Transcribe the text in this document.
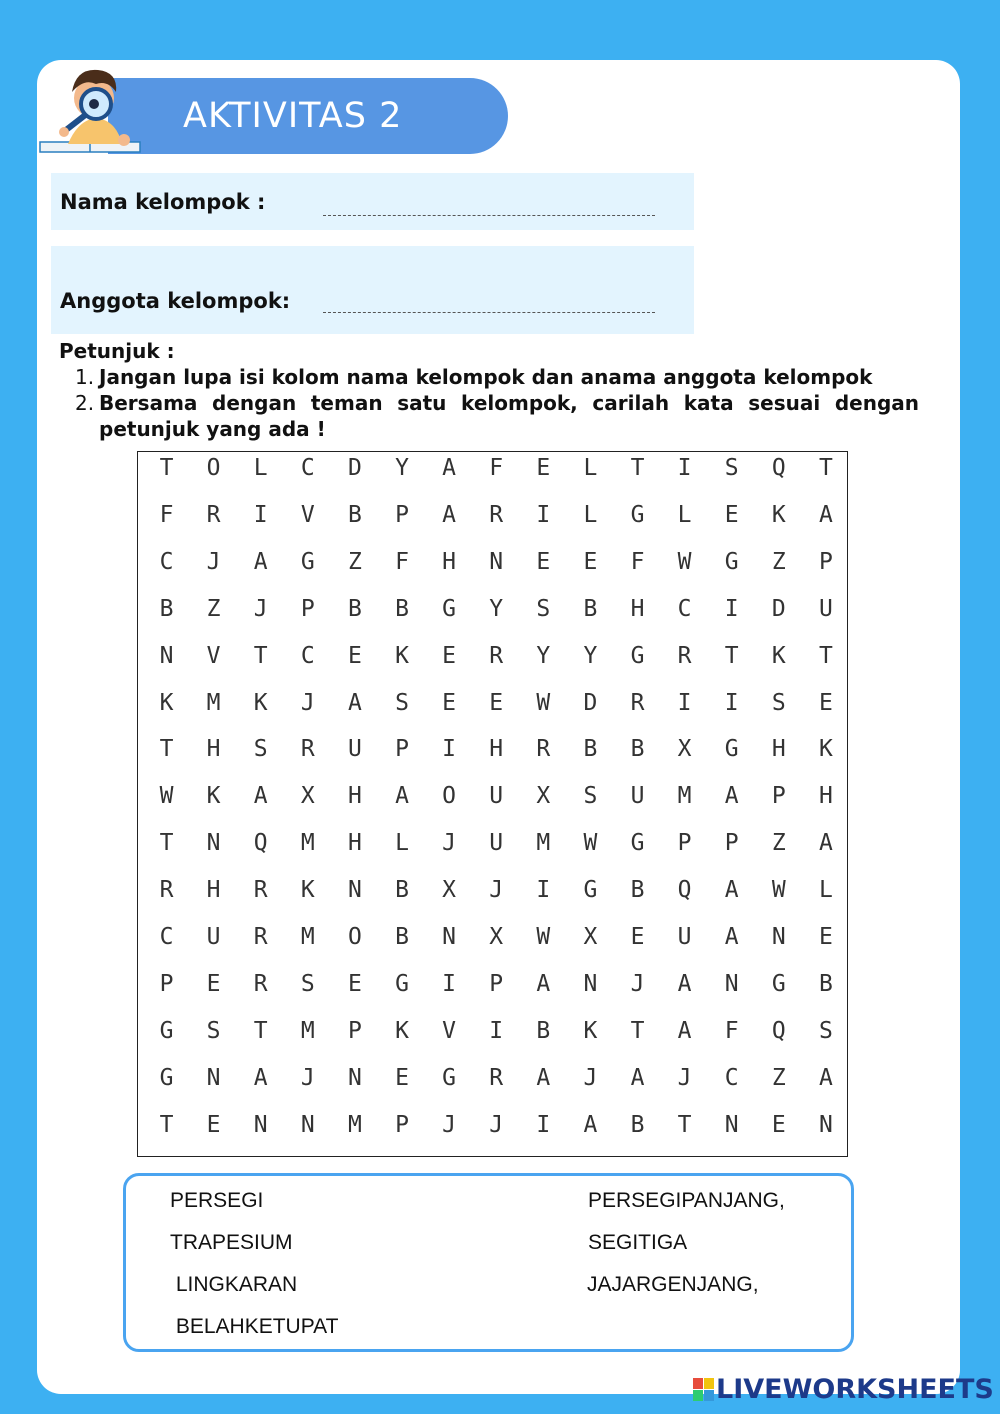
AKTIVITAS 2
Nama kelompok :
Anggota kelompok:

Petunjuk :

1. Jangan lupa isi kolom nama kelompok dan anama anggota kelompok
2. Bersama dengan teman satu kelompok, carilah kata sesuai dengan petunjuk yang ada !
T	O	L	C	D	Y	A	F	E	L	T	I	S	Q	T
F	R	I	V	B	P	A	R	I	L	G	L	E	K	A
C	J	A	G	Z	F	H	N	E	E	F	W	G	Z	P
B	Z	J	P	B	B	G	Y	S	B	H	C	I	D	U
N	V	T	C	E	K	E	R	Y	Y	G	R	T	K	T
K	M	K	J	A	S	E	E	W	D	R	I	I	S	E
T	H	S	R	U	P	I	H	R	B	B	X	G	H	K
W	K	A	X	H	A	O	U	X	S	U	M	A	P	H
T	N	Q	M	H	L	J	U	M	W	G	P	P	Z	A
R	H	R	K	N	B	X	J	I	G	B	Q	A	W	L
C	U	R	M	O	B	N	X	W	X	E	U	A	N	E
P	E	R	S	E	G	I	P	A	N	J	A	N	G	B
G	S	T	M	P	K	V	I	B	K	T	A	F	Q	S
G	N	A	J	N	E	G	R	A	J	A	J	C	Z	A
T	E	N	N	M	P	J	J	I	A	B	T	N	E	N
PERSEGI
TRAPESIUM
LINGKARAN
BELAHKETUPAT
PERSEGIPANJANG,
SEGITIGA
JAJARGENJANG,
LIVEWORKSHEETS
